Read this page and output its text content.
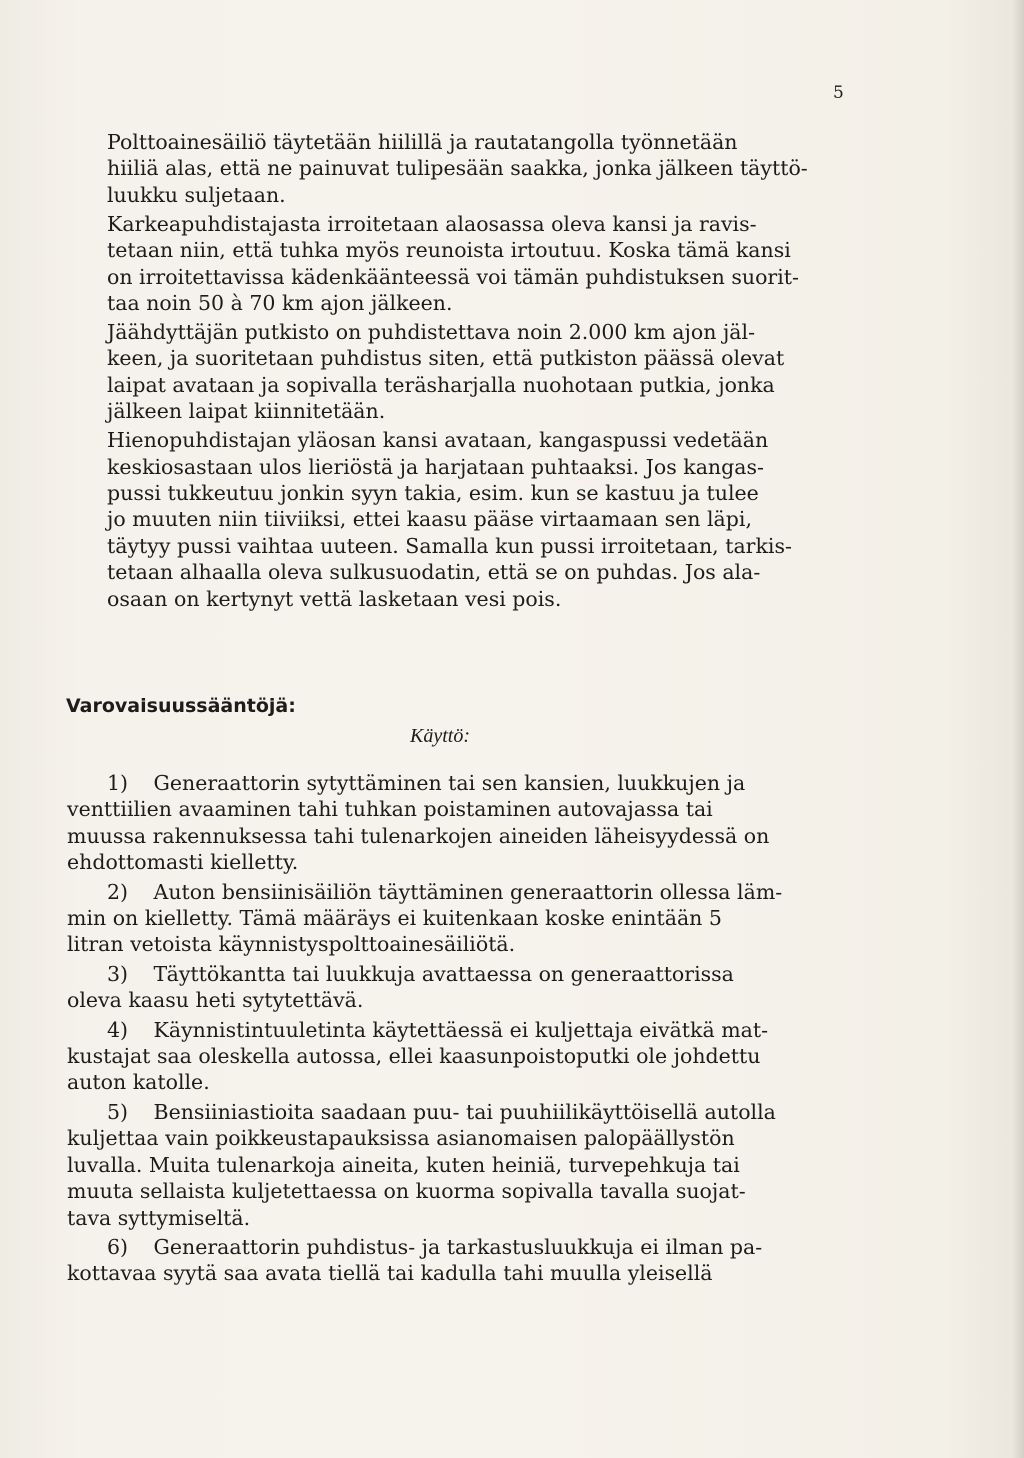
5

Polttoainesäiliö täytetään hiilillä ja rautatangolla työnnetään
hiiliä alas, että ne painuvat tulipesään saakka, jonka jälkeen täyttö-
luukku suljetaan.

Karkeapuhdistajasta irroitetaan alaosassa oleva kansi ja ravis-
tetaan niin, että tuhka myös reunoista irtoutuu. Koska tämä kansi
on irroitettavissa kädenkäänteessä voi tämän puhdistuksen suorit-
taa noin 50 à 70 km ajon jälkeen.

Jäähdyttäjän putkisto on puhdistettava noin 2.000 km ajon jäl-
keen, ja suoritetaan puhdistus siten, että putkiston päässä olevat
laipat avataan ja sopivalla teräsharjalla nuohotaan putkia, jonka
jälkeen laipat kiinnitetään.

Hienopuhdistajan yläosan kansi avataan, kangaspussi vedetään
keskiosastaan ulos lieriöstä ja harjataan puhtaaksi. Jos kangas-
pussi tukkeutuu jonkin syyn takia, esim. kun se kastuu ja tulee
jo muuten niin tiiviiksi, ettei kaasu pääse virtaamaan sen läpi,
täytyy pussi vaihtaa uuteen. Samalla kun pussi irroitetaan, tarkis-
tetaan alhaalla oleva sulkusuodatin, että se on puhdas. Jos ala-
osaan on kertynyt vettä lasketaan vesi pois.

Varovaisuussääntöjä:
Käyttö:
1) Generaattorin sytyttäminen tai sen kansien, luukkujen ja
venttiilien avaaminen tahi tuhkan poistaminen autovajassa tai
muussa rakennuksessa tahi tulenarkojen aineiden läheisyydessä on
ehdottomasti kielletty.
2) Auton bensiinisäiliön täyttäminen generaattorin ollessa läm-
min on kielletty. Tämä määräys ei kuitenkaan koske enintään 5
litran vetoista käynnistyspolttoainesäiliötä.
3) Täyttökantta tai luukkuja avattaessa on generaattorissa
oleva kaasu heti sytytettävä.
4) Käynnistintuuletinta käytettäessä ei kuljettaja eivätkä mat-
kustajat saa oleskella autossa, ellei kaasunpoistoputki ole johdettu
auton katolle.
5) Bensiiniastioita saadaan puu- tai puuhiilikäyttöisellä autolla
kuljettaa vain poikkeustapauksissa asianomaisen palopäällystön
luvalla. Muita tulenarkoja aineita, kuten heiniä, turvepehkuja tai
muuta sellaista kuljetettaessa on kuorma sopivalla tavalla suojat-
tava syttymiseltä.
6) Generaattorin puhdistus- ja tarkastusluukkuja ei ilman pa-
kottavaa syytä saa avata tiellä tai kadulla tahi muulla yleisellä
